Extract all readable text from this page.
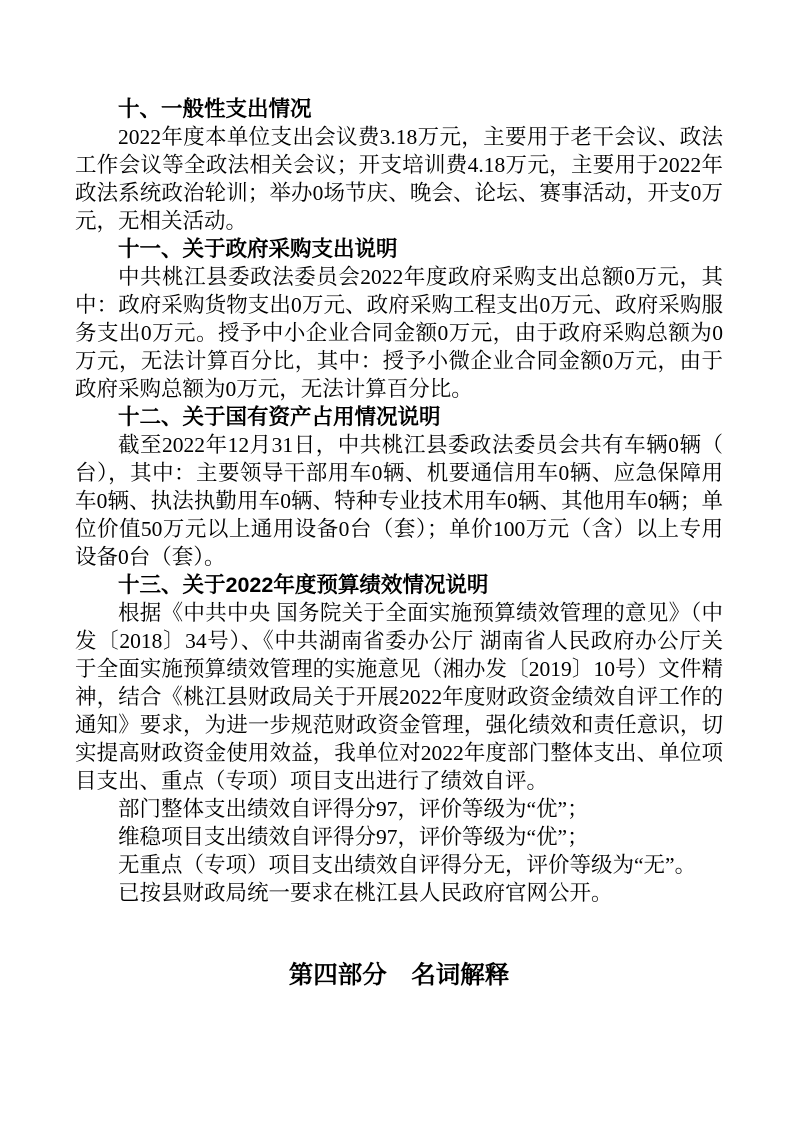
十、一般性支出情况

2022年度本单位支出会议费3.18万元，主要用于老干会议、政法工作会议等全政法相关会议；开支培训费4.18万元，主要用于2022年政法系统政治轮训；举办0场节庆、晚会、论坛、赛事活动，开支0万元，无相关活动。

十一、关于政府采购支出说明

中共桃江县委政法委员会2022年度政府采购支出总额0万元，其中：政府采购货物支出0万元、政府采购工程支出0万元、政府采购服务支出0万元。授予中小企业合同金额0万元，由于政府采购总额为0万元，无法计算百分比，其中：授予小微企业合同金额0万元，由于政府采购总额为0万元，无法计算百分比。

十二、关于国有资产占用情况说明

截至2022年12月31日，中共桃江县委政法委员会共有车辆0辆（台），其中：主要领导干部用车0辆、机要通信用车0辆、应急保障用车0辆、执法执勤用车0辆、特种专业技术用车0辆、其他用车0辆；单位价值50万元以上通用设备0台（套）；单价100万元（含）以上专用设备0台（套）。

十三、关于2022年度预算绩效情况说明

根据《中共中央 国务院关于全面实施预算绩效管理的意见》（中发〔2018〕34号）、《中共湖南省委办公厅 湖南省人民政府办公厅关于全面实施预算绩效管理的实施意见（湘办发〔2019〕10号）文件精神，结合《桃江县财政局关于开展2022年度财政资金绩效自评工作的通知》要求，为进一步规范财政资金管理，强化绩效和责任意识，切实提高财政资金使用效益，我单位对2022年度部门整体支出、单位项目支出、重点（专项）项目支出进行了绩效自评。

部门整体支出绩效自评得分97，评价等级为“优”；

维稳项目支出绩效自评得分97，评价等级为“优”；

无重点（专项）项目支出绩效自评得分无，评价等级为“无”。

已按县财政局统一要求在桃江县人民政府官网公开。

第四部分　名词解释
